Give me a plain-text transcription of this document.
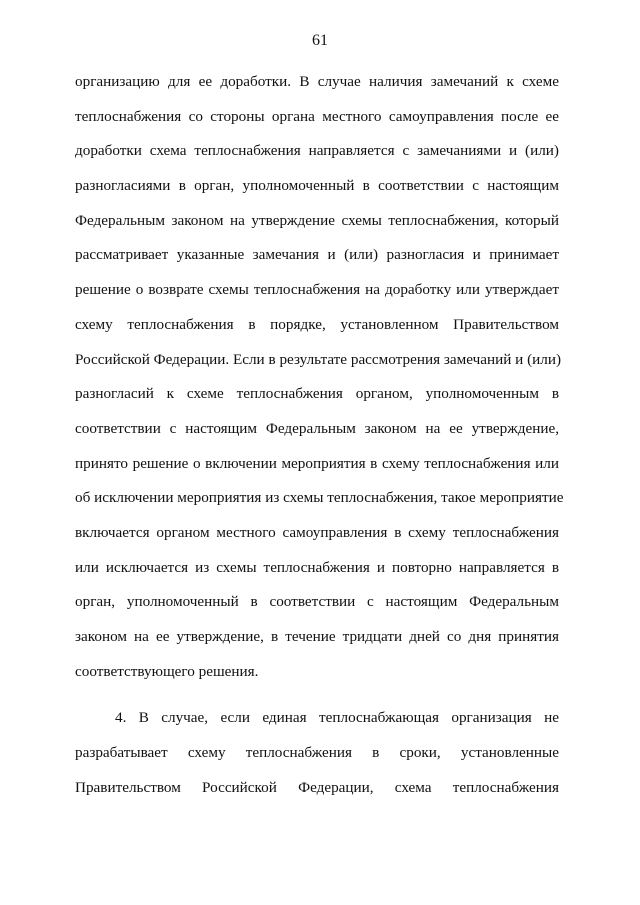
61
организацию для ее доработки. В случае наличия замечаний к схеме
теплоснабжения со стороны органа местного самоуправления после ее
доработки схема теплоснабжения направляется с замечаниями и (или)
разногласиями в орган, уполномоченный в соответствии с настоящим
Федеральным законом на утверждение схемы теплоснабжения, который
рассматривает указанные замечания и (или) разногласия и принимает
решение о возврате схемы теплоснабжения на доработку или утверждает
схему теплоснабжения в порядке, установленном Правительством
Российской Федерации. Если в результате рассмотрения замечаний и (или)
разногласий к схеме теплоснабжения органом, уполномоченным в
соответствии с настоящим Федеральным законом на ее утверждение,
принято решение о включении мероприятия в схему теплоснабжения или
об исключении мероприятия из схемы теплоснабжения, такое мероприятие
включается органом местного самоуправления в схему теплоснабжения
или исключается из схемы теплоснабжения и повторно направляется в
орган, уполномоченный в соответствии с настоящим Федеральным
законом на ее утверждение, в течение тридцати дней со дня принятия
соответствующего решения.
4. В случае, если единая теплоснабжающая организация не
разрабатывает схему теплоснабжения в сроки, установленные
Правительством Российской Федерации, схема теплоснабжения
